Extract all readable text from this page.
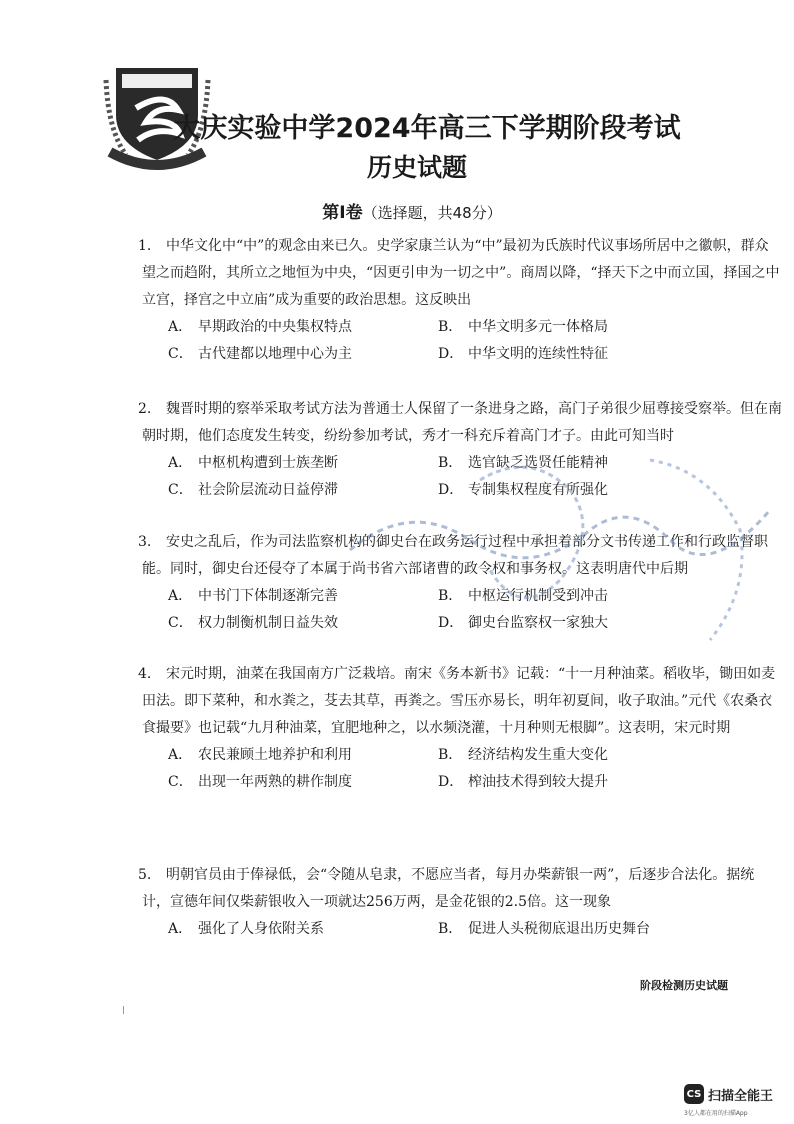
大庆实验中学2024年高三下学期阶段考试
历史试题
第Ⅰ卷（选择题，共48分）
1.	中华文化中“中”的观念由来已久。史学家康兰认为“中”最初为氏族时代议事场所居中之徽帜，群众望之而趋附，其所立之地恒为中央，“因更引申为一切之中”。商周以降，“择天下之中而立国，择国之中立宫，择宫之中立庙”成为重要的政治思想。这反映出

A． 早期政治的中央集权特点	B． 中华文明多元一体格局
C． 古代建都以地理中心为主	D． 中华文明的连续性特征
2.	魏晋时期的察举采取考试方法为普通士人保留了一条进身之路，高门子弟很少屈尊接受察举。但在南朝时期，他们态度发生转变，纷纷参加考试，秀才一科充斥着高门才子。由此可知当时

A． 中枢机构遭到士族垄断	B． 选官缺乏选贤任能精神
C． 社会阶层流动日益停滞	D． 专制集权程度有所强化
3.	安史之乱后，作为司法监察机构的御史台在政务运行过程中承担着部分文书传递工作和行政监督职能。同时，御史台还侵夺了本属于尚书省六部诸曹的政令权和事务权。这表明唐代中后期

A． 中书门下体制逐渐完善	B． 中枢运行机制受到冲击
C． 权力制衡机制日益失效	D． 御史台监察权一家独大
4.	宋元时期，油菜在我国南方广泛栽培。南宋《务本新书》记载：“十一月种油菜。稻收毕，锄田如麦田法。即下菜种，和水粪之，芟去其草，再粪之。雪压亦易长，明年初夏间，收子取油。”元代《农桑衣食撮要》也记载“九月种油菜，宜肥地种之，以水频浇灌，十月种则无根脚”。这表明，宋元时期

A． 农民兼顾土地养护和利用	B． 经济结构发生重大变化
C． 出现一年两熟的耕作制度	D． 榨油技术得到较大提升
5.	明朝官员由于俸禄低，会“令随从皂隶，不愿应当者，每月办柴薪银一两”，后逐步合法化。据统计，宣德年间仅柴薪银收入一项就达256万两，是金花银的2.5倍。这一现象

A． 强化了人身依附关系	B． 促进人头税彻底退出历史舞台
阶段检测历史试题
CS 扫描全能王
3亿人都在用的扫描App
